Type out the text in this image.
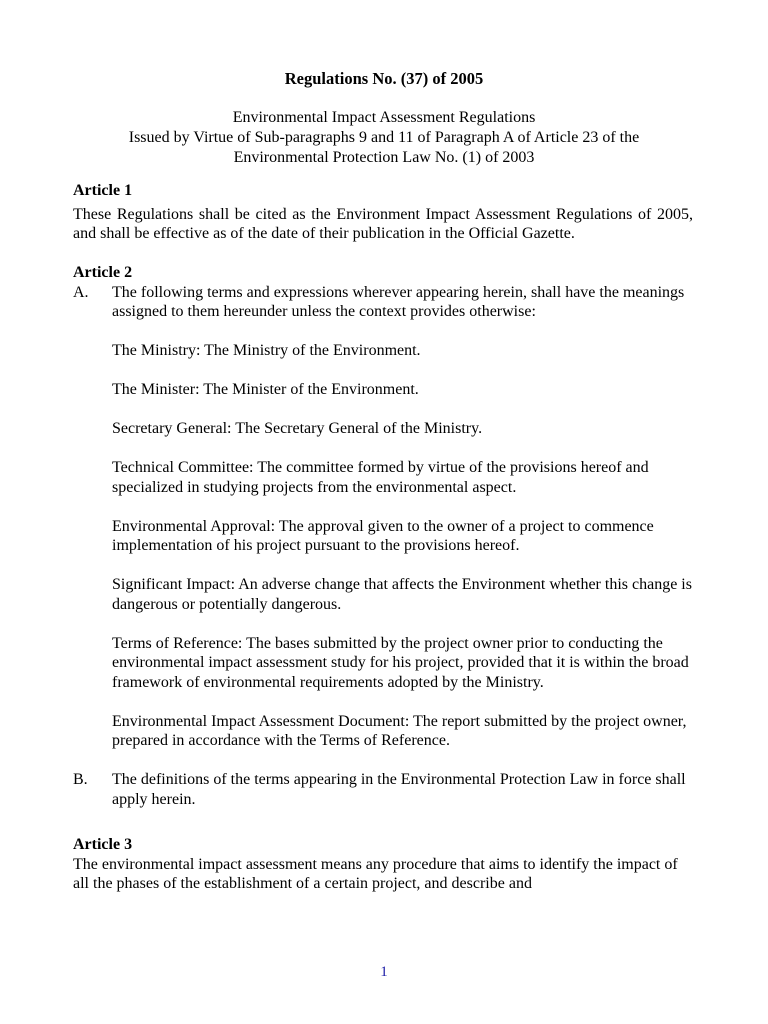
Regulations No. (37) of 2005
Environmental Impact Assessment Regulations
Issued by Virtue of Sub-paragraphs 9 and 11 of Paragraph A of Article 23 of the
Environmental Protection Law No. (1) of 2003

Article 1

These Regulations shall be cited as the Environment Impact Assessment Regulations of 2005, and shall be effective as of the date of their publication in the Official Gazette.

Article 2

A.	The following terms and expressions wherever appearing herein, shall have the meanings assigned to them hereunder unless the context provides otherwise:

The Ministry: The Ministry of the Environment.

The Minister: The Minister of the Environment.

Secretary General: The Secretary General of the Ministry.

Technical Committee: The committee formed by virtue of the provisions hereof and specialized in studying projects from the environmental aspect.

Environmental Approval: The approval given to the owner of a project to commence implementation of his project pursuant to the provisions hereof.

Significant Impact: An adverse change that affects the Environment whether this change is dangerous or potentially dangerous.

Terms of Reference: The bases submitted by the project owner prior to conducting the environmental impact assessment study for his project, provided that it is within the broad framework of environmental requirements adopted by the Ministry.

Environmental Impact Assessment Document: The report submitted by the project owner, prepared in accordance with the Terms of Reference.

B.	The definitions of the terms appearing in the Environmental Protection Law in force shall apply herein.

Article 3

The environmental impact assessment means any procedure that aims to identify the impact of all the phases of the establishment of a certain project, and describe and

1
